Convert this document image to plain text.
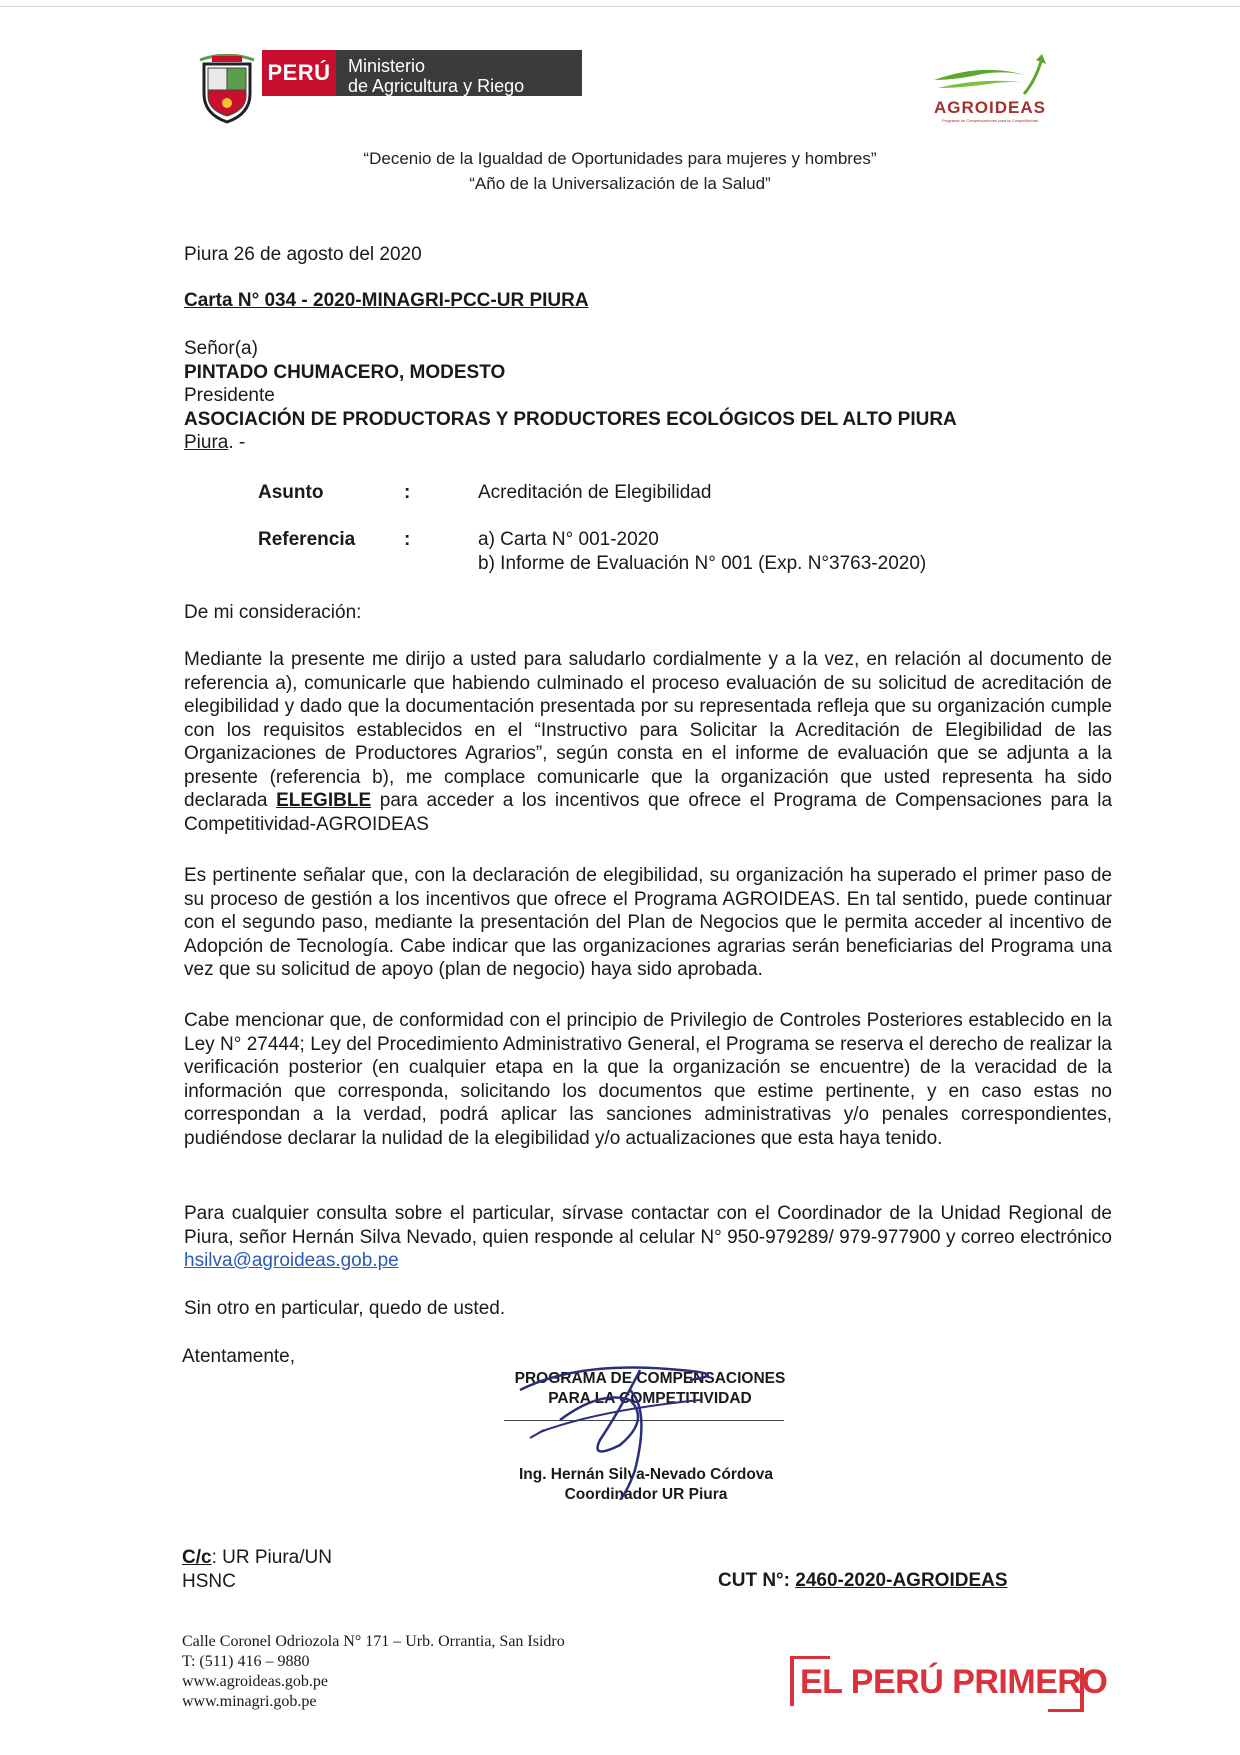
PERÚ Ministerio
de Agricultura y Riego
AGROIDEAS
Programa de Compensaciones para la Competitividad
“Decenio de la Igualdad de Oportunidades para mujeres y hombres”
“Año de la Universalización de la Salud”
Piura 26 de agosto del 2020
Carta N° 034 - 2020-MINAGRI-PCC-UR PIURA
Señor(a)
PINTADO CHUMACERO, MODESTO
Presidente
ASOCIACIÓN DE PRODUCTORAS Y PRODUCTORES ECOLÓGICOS DEL ALTO PIURA
Piura. -
Asunto	:	Acreditación de Elegibilidad
Referencia	:	a) Carta N° 001-2020
b) Informe de Evaluación N° 001 (Exp. N°3763-2020)
De mi consideración:
Mediante la presente me dirijo a usted para saludarlo cordialmente y a la vez, en relación al documento de referencia a), comunicarle que habiendo culminado el proceso evaluación de su solicitud de acreditación de elegibilidad y dado que la documentación presentada por su representada refleja que su organización cumple con los requisitos establecidos en el “Instructivo para Solicitar la Acreditación de Elegibilidad de las Organizaciones de Productores Agrarios”, según consta en el informe de evaluación que se adjunta a la presente (referencia b), me complace comunicarle que la organización que usted representa ha sido declarada ELEGIBLE para acceder a los incentivos que ofrece el Programa de Compensaciones para la Competitividad-AGROIDEAS
Es pertinente señalar que, con la declaración de elegibilidad, su organización ha superado el primer paso de su proceso de gestión a los incentivos que ofrece el Programa AGROIDEAS. En tal sentido, puede continuar con el segundo paso, mediante la presentación del Plan de Negocios que le permita acceder al incentivo de Adopción de Tecnología. Cabe indicar que las organizaciones agrarias serán beneficiarias del Programa una vez que su solicitud de apoyo (plan de negocio) haya sido aprobada.
Cabe mencionar que, de conformidad con el principio de Privilegio de Controles Posteriores establecido en la Ley N° 27444; Ley del Procedimiento Administrativo General, el Programa se reserva el derecho de realizar la verificación posterior (en cualquier etapa en la que la organización se encuentre) de la veracidad de la información que corresponda, solicitando los documentos que estime pertinente, y en caso estas no correspondan a la verdad, podrá aplicar las sanciones administrativas y/o penales correspondientes, pudiéndose declarar la nulidad de la elegibilidad y/o actualizaciones que esta haya tenido.
Para cualquier consulta sobre el particular, sírvase contactar con el Coordinador de la Unidad Regional de Piura, señor Hernán Silva Nevado, quien responde al celular N° 950-979289/ 979-977900 y correo electrónico hsilva@agroideas.gob.pe
Sin otro en particular, quedo de usted.
Atentamente,
PROGRAMA DE COMPENSACIONES
PARA LA COMPETITIVIDAD
Ing. Hernán Silva-Nevado Córdova
Coordinador UR Piura
C/c: UR Piura/UN
HSNC	CUT N°: 2460-2020-AGROIDEAS
Calle Coronel Odriozola N° 171 – Urb. Orrantia, San Isidro
T: (511) 416 – 9880
www.agroideas.gob.pe
www.minagri.gob.pe
EL PERÚ PRIMERO
